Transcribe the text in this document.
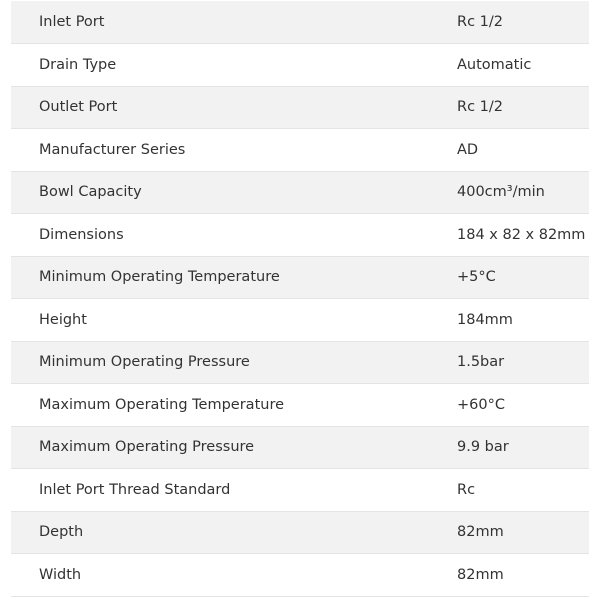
Inlet Port	Rc 1/2
Drain Type	Automatic
Outlet Port	Rc 1/2
Manufacturer Series	AD
Bowl Capacity	400cm³/min
Dimensions	184 x 82 x 82mm
Minimum Operating Temperature	+5°C
Height	184mm
Minimum Operating Pressure	1.5bar
Maximum Operating Temperature	+60°C
Maximum Operating Pressure	9.9 bar
Inlet Port Thread Standard	Rc
Depth	82mm
Width	82mm
